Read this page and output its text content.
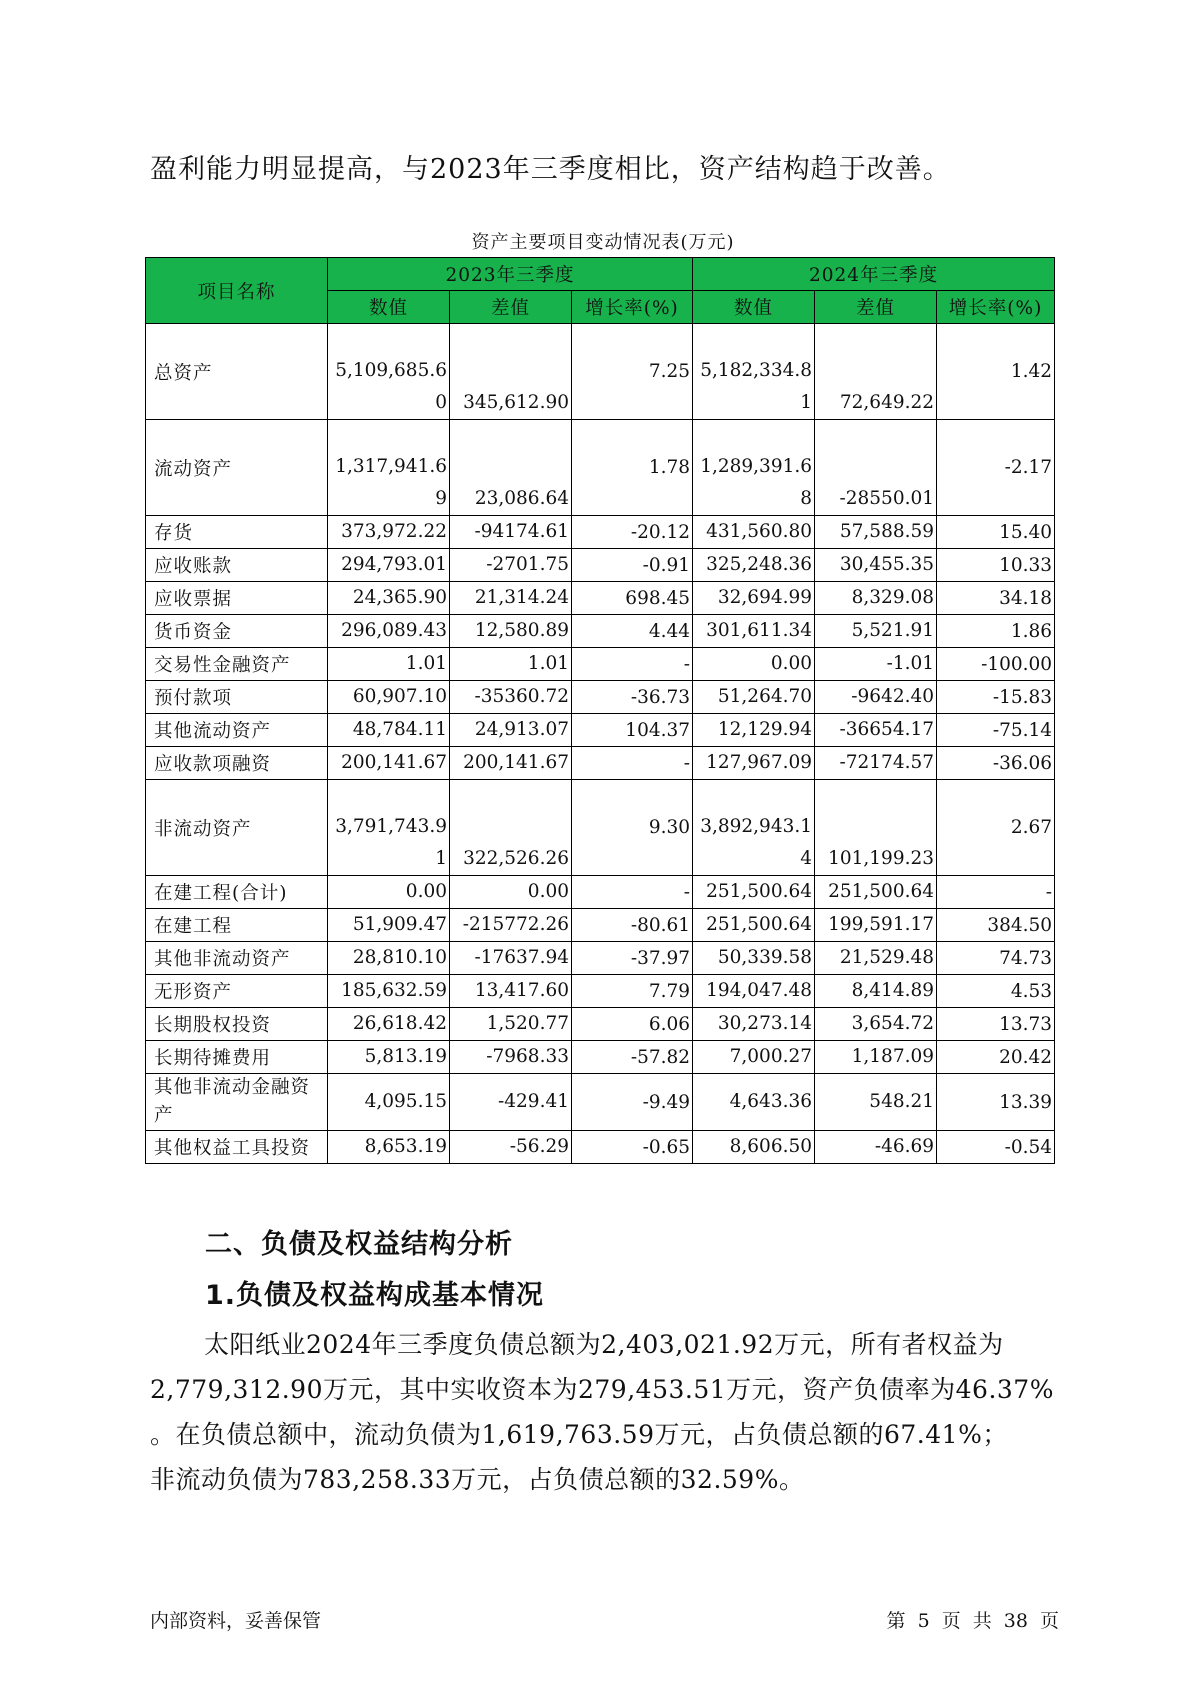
盈利能力明显提高，与2023年三季度相比，资产结构趋于改善。
资产主要项目变动情况表(万元)
项目名称	2023年三季度			2024年三季度		
	数值	差值	增长率(%)	数值	差值	增长率(%)
总资产	5,109,685.60	345,612.90	7.25	5,182,334.81	72,649.22	1.42
流动资产	1,317,941.69	23,086.64	1.78	1,289,391.68	-28550.01	-2.17
存货	373,972.22	-94174.61	-20.12	431,560.80	57,588.59	15.40
应收账款	294,793.01	-2701.75	-0.91	325,248.36	30,455.35	10.33
应收票据	24,365.90	21,314.24	698.45	32,694.99	8,329.08	34.18
货币资金	296,089.43	12,580.89	4.44	301,611.34	5,521.91	1.86
交易性金融资产	1.01	1.01	-	0.00	-1.01	-100.00
预付款项	60,907.10	-35360.72	-36.73	51,264.70	-9642.40	-15.83
其他流动资产	48,784.11	24,913.07	104.37	12,129.94	-36654.17	-75.14
应收款项融资	200,141.67	200,141.67	-	127,967.09	-72174.57	-36.06
非流动资产	3,791,743.91	322,526.26	9.30	3,892,943.14	101,199.23	2.67
在建工程(合计)	0.00	0.00	-	251,500.64	251,500.64	-
在建工程	51,909.47	-215772.26	-80.61	251,500.64	199,591.17	384.50
其他非流动资产	28,810.10	-17637.94	-37.97	50,339.58	21,529.48	74.73
无形资产	185,632.59	13,417.60	7.79	194,047.48	8,414.89	4.53
长期股权投资	26,618.42	1,520.77	6.06	30,273.14	3,654.72	13.73
长期待摊费用	5,813.19	-7968.33	-57.82	7,000.27	1,187.09	20.42
其他非流动金融资产	4,095.15	-429.41	-9.49	4,643.36	548.21	13.39
其他权益工具投资	8,653.19	-56.29	-0.65	8,606.50	-46.69	-0.54
二、负债及权益结构分析
1.负债及权益构成基本情况

太阳纸业2024年三季度负债总额为2,403,021.92万元，所有者权益为

2,779,312.90万元，其中实收资本为279,453.51万元，资产负债率为46.37%

。在负债总额中，流动负债为1,619,763.59万元，占负债总额的67.41%；

非流动负债为783,258.33万元，占负债总额的32.59%。

内部资料，妥善保管	第 5 页 共 38 页
